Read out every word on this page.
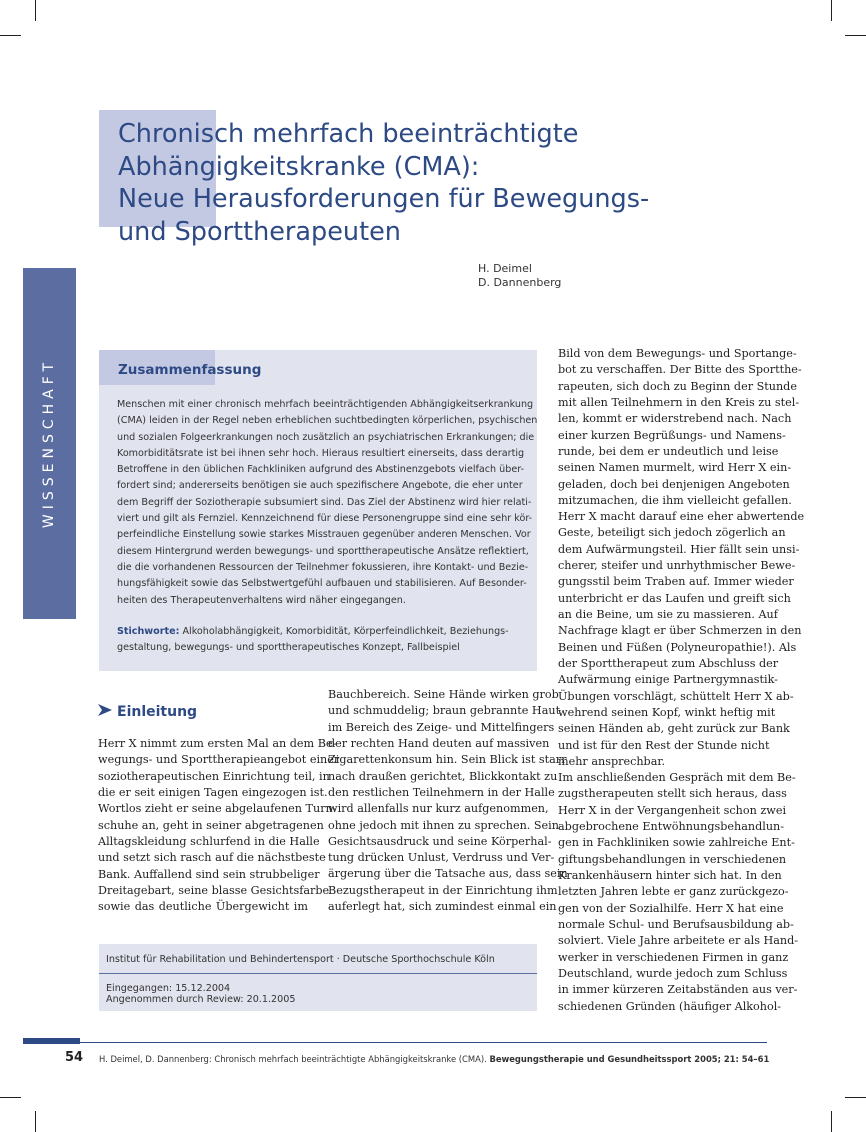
WISSENSCHAFT
Chronisch mehrfach beeinträchtigte
Abhängigkeitskranke (CMA):
Neue Herausforderungen für Bewegungs-
und Sporttherapeuten
H. Deimel
D. Dannenberg
Zusammenfassung
Menschen mit einer chronisch mehrfach beeinträchtigenden Abhängigkeitserkrankung
(CMA) leiden in der Regel neben erheblichen suchtbedingten körperlichen, psychischen
und sozialen Folgeerkrankungen noch zusätzlich an psychiatrischen Erkrankungen; die
Komorbiditätsrate ist bei ihnen sehr hoch. Hieraus resultiert einerseits, dass derartig
Betroffene in den üblichen Fachkliniken aufgrund des Abstinenzgebots vielfach über-
fordert sind; andererseits benötigen sie auch spezifischere Angebote, die eher unter
dem Begriff der Soziotherapie subsumiert sind. Das Ziel der Abstinenz wird hier relati-
viert und gilt als Fernziel. Kennzeichnend für diese Personengruppe sind eine sehr kör-
perfeindliche Einstellung sowie starkes Misstrauen gegenüber anderen Menschen. Vor
diesem Hintergrund werden bewegungs- und sporttherapeutische Ansätze reflektiert,
die die vorhandenen Ressourcen der Teilnehmer fokussieren, ihre Kontakt- und Bezie-
hungsfähigkeit sowie das Selbstwertgefühl aufbauen und stabilisieren. Auf Besonder-
heiten des Therapeutenverhaltens wird näher eingegangen.
Stichworte: Alkoholabhängigkeit, Komorbidität, Körperfeindlichkeit, Beziehungs-
gestaltung, bewegungs- und sporttherapeutisches Konzept, Fallbeispiel
Einleitung
Herr X nimmt zum ersten Mal an dem Be-
wegungs- und Sporttherapieangebot einer
soziotherapeutischen Einrichtung teil, in
die er seit einigen Tagen eingezogen ist.
Wortlos zieht er seine abgelaufenen Turn-
schuhe an, geht in seiner abgetragenen
Alltagskleidung schlurfend in die Halle
und setzt sich rasch auf die nächstbeste
Bank. Auffallend sind sein strubbeliger
Dreitagebart, seine blasse Gesichtsfarbe
sowie das deutliche Übergewicht im
Bauchbereich. Seine Hände wirken grob
und schmuddelig; braun gebrannte Haut
im Bereich des Zeige- und Mittelfingers
der rechten Hand deuten auf massiven
Zigarettenkonsum hin. Sein Blick ist starr
nach draußen gerichtet, Blickkontakt zu
den restlichen Teilnehmern in der Halle
wird allenfalls nur kurz aufgenommen,
ohne jedoch mit ihnen zu sprechen. Sein
Gesichtsausdruck und seine Körperhal-
tung drücken Unlust, Verdruss und Ver-
ärgerung über die Tatsache aus, dass sein
Bezugstherapeut in der Einrichtung ihm
auferlegt hat, sich zumindest einmal ein
Bild von dem Bewegungs- und Sportange-
bot zu verschaffen. Der Bitte des Sportthe-
rapeuten, sich doch zu Beginn der Stunde
mit allen Teilnehmern in den Kreis zu stel-
len, kommt er widerstrebend nach. Nach
einer kurzen Begrüßungs- und Namens-
runde, bei dem er undeutlich und leise
seinen Namen murmelt, wird Herr X ein-
geladen, doch bei denjenigen Angeboten
mitzumachen, die ihm vielleicht gefallen.
Herr X macht darauf eine eher abwertende
Geste, beteiligt sich jedoch zögerlich an
dem Aufwärmungsteil. Hier fällt sein unsi-
cherer, steifer und unrhythmischer Bewe-
gungsstil beim Traben auf. Immer wieder
unterbricht er das Laufen und greift sich
an die Beine, um sie zu massieren. Auf
Nachfrage klagt er über Schmerzen in den
Beinen und Füßen (Polyneuropathie!). Als
der Sporttherapeut zum Abschluss der
Aufwärmung einige Partnergymnastik-
Übungen vorschlägt, schüttelt Herr X ab-
wehrend seinen Kopf, winkt heftig mit
seinen Händen ab, geht zurück zur Bank
und ist für den Rest der Stunde nicht
mehr ansprechbar.
Im anschließenden Gespräch mit dem Be-
zugstherapeuten stellt sich heraus, dass
Herr X in der Vergangenheit schon zwei
abgebrochene Entwöhnungsbehandlun-
gen in Fachkliniken sowie zahlreiche Ent-
giftungsbehandlungen in verschiedenen
Krankenhäusern hinter sich hat. In den
letzten Jahren lebte er ganz zurückgezo-
gen von der Sozialhilfe. Herr X hat eine
normale Schul- und Berufsausbildung ab-
solviert. Viele Jahre arbeitete er als Hand-
werker in verschiedenen Firmen in ganz
Deutschland, wurde jedoch zum Schluss
in immer kürzeren Zeitabständen aus ver-
schiedenen Gründen (häufiger Alkohol-
Institut für Rehabilitation und Behindertensport · Deutsche Sporthochschule Köln
Eingegangen: 15.12.2004
Angenommen durch Review: 20.1.2005
54 H. Deimel, D. Dannenberg: Chronisch mehrfach beeinträchtigte Abhängigkeitskranke (CMA). Bewegungstherapie und Gesundheitssport 2005; 21: 54–61
